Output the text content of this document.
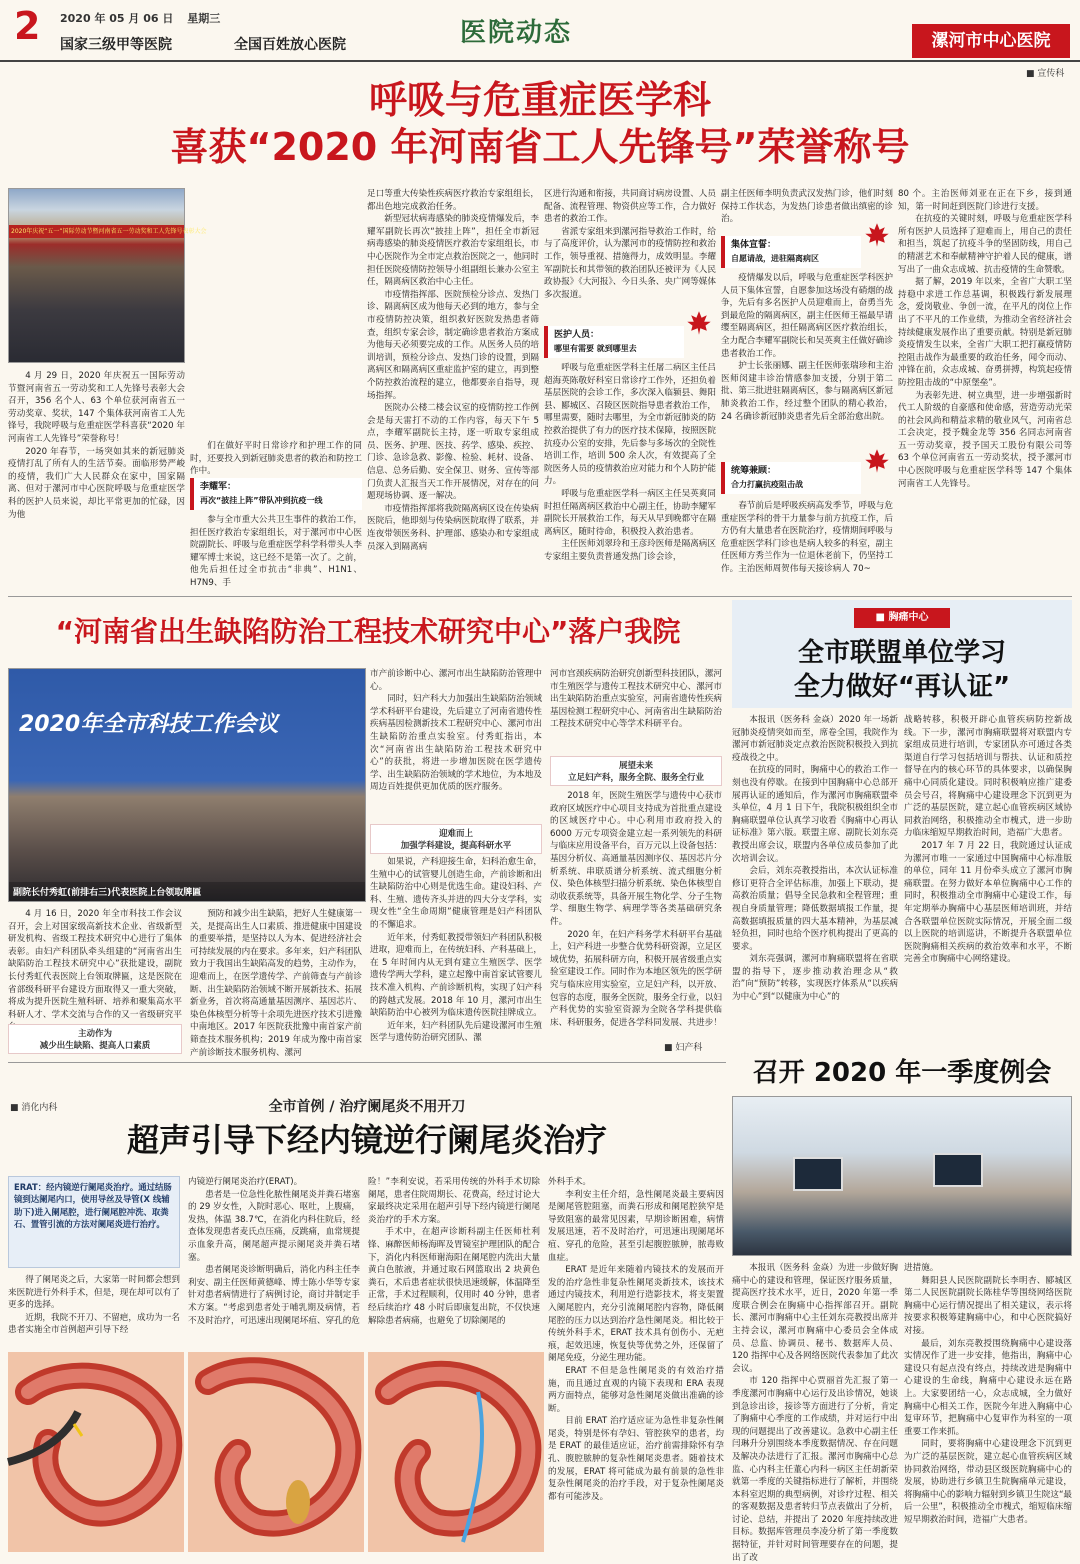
2 2020 年 05 月 06 日 星期三
国家三级甲等医院	全国百姓放心医院	医院动态	漯河市中心医院
■ 宣传科
呼吸与危重症医学科
喜获“2020 年河南省工人先锋号”荣誉称号
2020年庆祝“五一”国际劳动节暨河南省五一劳动奖和工人先锋号表彰大会

4 月 29 日，2020 年庆祝五一国际劳动节暨河南省五一劳动奖和工人先锋号表彰大会召开，356 名个人、63 个单位获河南省五一劳动奖章、奖状，147 个集体获河南省工人先锋号，我院呼吸与危重症医学科喜获“2020 年河南省工人先锋号”荣誉称号！

2020 年春节，一场突如其来的新冠肺炎疫情打乱了所有人的生活节奏。面临形势严峻的疫情，我们广大人民群众在家中，国家隔离、但对于漯河市中心医院呼吸与危重症医学科的医护人员来说，却比平常更加的忙碌，因为他

们在做好平时日常诊疗和护理工作的同时，还要投入到新冠肺炎患者的救治和防控工作中。

李耀军：
再次“披挂上阵”带队冲到抗疫一线

参与全市重大公共卫生事件的救治工作，担任医疗救治专家组组长，对于漯河市中心医院副院长、呼吸与危重症医学科学科带头人李耀军博士来说，这已经不是第一次了。之前，他先后担任过全市抗击“非典”、H1N1、H7N9、手

足口等重大传染性疾病医疗救治专家组组长，都出色地完成救治任务。

新型冠状病毒感染的肺炎疫情爆发后，李耀军副院长再次“披挂上阵”，担任全市新冠病毒感染的肺炎疫情医疗救治专家组组长，市中心医院作为全市定点救治医院之一，他同时担任医院疫情防控领导小组副组长兼办公室主任，隔离病区救治中心主任。

市疫情指挥部、医院预检分诊点、发热门诊、隔离病区成为他每天必到的地方，参与全市疫情防控决策，组织救好医院发热患者筛查，组织专家会诊，制定确诊患者救治方案成为他每天必须要完成的工作。从医务人员的培训培训，预检分诊点、发热门诊的设置，到隔离病区和隔离病区重症监护室的建立，再到整个防控救治流程的建立，他都要亲自指导，现场指挥。

医院办公楼二楼会议室的疫情防控工作例会是每天雷打不动的工作内容，每天下午 5 点，李耀军副院长主持，逐一听取专家组成员、医务、护理、医技、药学、感染、疾控、门诊、急诊急救、影像、检验、耗材、设备、信息、总务后勤、安全保卫、财务、宣传等部门负责人汇报当天工作开展情况，对存在的问题现场协调、逐一解决。

市疫情指挥部将我院隔离病区设在传染病医院后，他即刻与传染病医院取得了联系，并连夜带领医务科、护理部、感染办和专家组成员深入到隔离病

区进行沟通和衔接，共同商讨病房设置、人员配备、流程管理、物资供应等工作，合力做好患者的救治工作。

省派专家组来到漯河指导救治工作时，给与了高度评价，认为漯河市的疫情防控和救治工作，领导重视、措施得力，成效明显。李耀军副院长和其带领的救治团队还被评为《人民政协报》《大河报》、今日头条、央广网等媒体多次报道。

医护人员：
哪里有需要 就到哪里去

呼吸与危重症医学科主任屠二病区主任吕超海英陈敬好科室日常诊疗工作外，还担负着基层医院的会诊工作，多次深入临颍县、舞阳县、郾城区、召陵区医院指导患者救治工作，哪里需要，随时去哪里，为全市新冠肺炎的防控救治提供了有力的医疗技术保障，按照医院抗疫办公室的安排，先后参与多场次的全院性培训工作，培训 500 余人次，有效提高了全院医务人员的疫情救治应对能力和个人防护能力。

呼吸与危重症医学科一病区主任吴英爽同时担任隔离病区救治中心副主任，协助李耀军副院长开展救治工作，每天从早到晚都守在隔离病区，随时待命，积极投入救治患者。

主任医师刘翠玲和王彦玲医师是隔离病区专家组主要负责普通发热门诊会诊，

副主任医师李明负责武汉发热门诊，他们时刻保持工作状态，为发热门诊患者做出缜密的诊治。

集体宣誓：
自愿请战，进驻隔离病区

疫情爆发以后，呼吸与危重症医学科医护人员下集体宣誓，自愿参加这场没有硝烟的战争，先后有多名医护人员迎难而上，奋勇当先到最危险的隔离病区，副主任医师王福最早请缨至隔离病区，担任隔离病区医疗救治组长，全力配合李耀军副院长和吴英爽主任做好确诊患者救治工作。

护士长张丽娜、副主任医师张瑞珍和主治医师闵建丰诊治情感参加支援，分别于第二批、第三批进驻隔离病区，参与隔离病区新冠肺炎救治工作，经过整个团队的精心救治，24 名确诊新冠肺炎患者先后全部治愈出院。

统筹兼顾：
合力打赢抗疫阻击战

春节前后是呼吸疾病高发季节，呼吸与危重症医学科的骨干力量参与前方抗疫工作，后方仍有大量患者在医院治疗，疫情期间呼吸与危重症医学科门诊也是病人较多的科室，副主任医师方秀兰作为一位退休老前下，仍坚持工作。主治医师周贺伟每天接诊病人 70~

80 个。主治医师刘亚在正在下乡，接到通知，第一时间赶到医院门诊进行支援。

在抗疫的关键时刻，呼吸与危重症医学科所有医护人员选择了迎难而上，用自己的责任和担当，筑起了抗疫斗争的坚固防线，用自己的精湛艺术和奉献精神守护着人民的健康，谱写出了一曲众志成城、抗击疫情的生命赞歌。

据了解，2019 年以来，全省广大职工坚持稳中求进工作总基调，积极践行新发展理念，爱岗敬业、争创一流，在平凡的岗位上作出了不平凡的工作业绩，为推动全省经济社会持续健康发展作出了重要贡献。特别是新冠肺炎疫情发生以来，全省广大职工把打赢疫情防控阻击战作为最重要的政治任务，闻令而动、冲锋在前，众志成城、奋勇拼搏，构筑起疫情防控阻击战的“中原堡垒”。

为表彰先进、树立典型，进一步增强新时代工人阶级的自豪感和使命感，营造劳动光荣的社会风尚和精益求精的敬业风气，河南省总工会决定，授予魏金龙等 356 名同志河南省五一劳动奖章，授予国天工股份有限公司等 63 个单位河南省五一劳动奖状，授予漯河市中心医院呼吸与危重症医学科等 147 个集体河南省工人先锋号。

“河南省出生缺陷防治工程技术研究中心”落户我院
2020年全市科技工作会议
副院长付秀虹(前排右三)代表医院上台领取牌匾

4 月 16 日，2020 年全市科技工作会议召开，会上对国家级高新技术企业、省级新型研发机构、省级工程技术研究中心进行了集体表彰。由妇产科团队牵头组建的“河南省出生缺陷防治工程技术研究中心”获批建设，副院长付秀虹代表医院上台领取牌匾，这是医院在省部级科研平台建设方面取得又一重大突破，将成为提升医院生殖科研、培养和聚集高水平科研人才、学术交流与合作的又一省级研究平

主动作为
减少出生缺陷、提高人口素质

预防和减少出生缺陷，把好人生健康第一关，是提高出生人口素质、推进健康中国建设的重要举措，是坚持以人为本、促进经济社会可持续发展的内在要求。多年来，妇产科团队致力于我国出生缺陷高发的趋势，主动作为，迎难而上，在医学遗传学、产前筛查与产前诊断、出生缺陷防治领域不断开展新技术、拓展新业务，首次将高通量基因测序、基因芯片、染色体核型分析等十余项先进医疗技术引进豫中南地区。2017 年医院获批豫中南首家产前筛查技术服务机构；2019 年成为豫中南首家产前诊断技术服务机构、漯河

市产前诊断中心、漯河市出生缺陷防治管理中心。

同时，妇产科大力加强出生缺陷防治领域学术科研平台建设，先后建立了河南省遗传性疾病基因检测新技术工程研究中心、漯河市出生缺陷防治重点实验室。付秀虹指出，本次“河南省出生缺陷防治工程技术研究中心”的获批，将进一步增加医院在医学遗传学、出生缺陷防治领域的学术地位，为本地及周边百姓提供更加优质的医疗服务。

迎难而上
加强学科建设，提高科研水平

如果说，产科迎接生命，妇科治愈生命，生殖中心的试管婴儿创造生命，产前诊断和出生缺陷防治中心则是优选生命。建设妇科、产科、生殖、遗传齐头并进的四大分支学科，实现女性“全生命周期”健康管理是妇产科团队的不懈追求。

近年来，付秀虹教授带领妇产科团队积极进取，迎难而上，在传统妇科、产科基础上，在 5 年时间内从无到有建立生殖医学、医学遗传学两大学科，建立起豫中南首家试管婴儿技术准入机构、产前诊断机构，实现了妇产科的跨越式发展。2018 年 10 月，漯河市出生缺陷防治中心被列为临床遗传医院挂牌成立。

近年来，妇产科团队先后建设漯河市生殖医学与遗传防治研究团队、漯

河市宫颈疾病防治研究创新型科技团队，漯河市生殖医学与遗传工程技术研究中心、漯河市出生缺陷防治重点实验室，河南省遗传性疾病基因检测工程研究中心、河南省出生缺陷防治工程技术研究中心等学术科研平台。

展望未来
立足妇产科，服务全院、服务全行业

2018 年，医院生殖医学与遗传中心获市政府区域医疗中心项目支持成为首批重点建设的区域医疗中心。中心利用市政府投入的 6000 万元专项资金建立起一系列领先的科研与临床应用设备平台，百万元以上设备包括：基因分析仪、高通量基因测序仪、基因芯片分析系统、串联质谱分析系统、流式细胞分析仪、染色体核型扫描分析系统、染色体核型自动收获系统等，具备开展生物化学、分子生物学、细胞生物学、病理学等各类基础研究条件。

2020 年，在妇产科务学术科研平台基础上，妇产科进一步整合优势科研资源，立足区域优势，拓展科研方向，积极开展省级重点实验室建设工作。同时作为本地区领先的医学研究与临床应用实验室，立足妇产科，以开放、包容的态度，服务全医院，服务全行业，以妇产科优势的实验室资源为全院各学科提供临床、科研服务，促进各学科同发展、共进步！

■ 妇产科
■ 胸痛中心
全市联盟单位学习
全力做好“再认证”

本报讯（医务科 金焱）2020 年一场新冠肺炎疫情突如而至，席卷全国，我院作为漯河市新冠肺炎定点救治医院积极投入到抗疫战役之中。

在抗疫的同时，胸痛中心的救治工作一刻也没有停歇。在接到中国胸痛中心总部开展再认证的通知后，作为漯河市胸痛联盟牵头单位，4 月 1 日下午，我院积极组织全市胸痛联盟单位认真学习收看《胸痛中心再认证标准》第六版。联盟主席、副院长刘东亮教授出席会议，联盟内各单位成员参加了此次培训会议。

会后，刘东亮教授指出，本次认证标准修订更符合全评估标准，加强上下联动，提高救治质量；倡导全民急救和全程管理；重视自身质量管理；降低数据填报工作量，提高数据填报质量的四大基本精神，为基层减轻负担，同时也给个医疗机构提出了更高的要求。

刘东亮强调，漯河市胸痛联盟将在省联盟的指导下，逐步推动救治理念从“救治”向“预防”转移，实现医疗体系从“以疾病为中心”到“以健康为中心”的

战略转移，积极开辟心血管疾病防控新战线。下一步，漯河市胸痛联盟将对联盟内专家组成员进行培训，专家团队亦可通过各类渠道自行学习包括培训与帮扶、认证和质控督导在内的核心环节的具体要求，以确保胸痛中心同质化建设。同时积极响应推广建委员会号召，将胸痛中心建设理念下沉到更为广泛的基层医院，建立起心血管疾病区域协同救治网络，积极推动全市槐式，进一步助力临床缩短早期救治时间，造福广大患者。

2017 年 7 月 22 日，我院通过认证成为漯河市唯一一家通过中国胸痛中心标准版的单位，同年 11 月份牵头成立了漯河市胸痛联盟。在努力做好本单位胸痛中心工作的同时，积极推动全市胸痛中心建设工作，每年定期举办胸痛中心基层医师培训班，并结合各联盟单位医院实际情况，开展全面二级以上医院的培训巡讲，不断提升各联盟单位医院胸痛相关疾病的救治效率和水平，不断完善全市胸痛中心网络建设。

召开 2020 年一季度例会

本报讯（医务科 金焱）为进一步做好胸痛中心的建设和管理，保证医疗服务质量，提高医疗技术水平，近日，2020 年第一季度联合例会在胸痛中心指挥部召开。副院长、漯河市胸痛中心主任刘东亮教授出席并主持会议，漯河市胸痛中心委员会全体成员、总监、协调员、秘书、数据库人员、120 指挥中心及各网络医院代表参加了此次会议。

市 120 指挥中心贾丽首先汇报了第一季度漯河市胸痛中心运行及出诊情况，她谈到急诊出诊，接诊等方面进行了分析，肯定了胸痛中心季度的工作成绩，并对运行中出现的问题提出了改善建议。急救中心副主任闫琳升分别围绕本季度数据情况、存在问题及解决办法进行了汇报。漯河市胸痛中心总监、心内科主任董心内科一病区主任胡新荣就第一季度的关键指标进行了解析，并围绕本科室迟期的典型病例，对诊疗过程、相关的客观数据及患者转归节点表做出了分析，讨论、总结，并提出了 2020 年度持续改进目标。数据库管理员李凌分析了第一季度数据特征，并针对时间管理要存在的问题，提出了改

进措施。

舞阳县人民医院副院长李明杏、郾城区第二人民医院副院长陈桂华等围绕网络医院胸痛中心运行情况提出了相关建议，表示将按要求积极筹建胸痛中心，和中心医院搞好对接。

最后，刘东亮教授围绕胸痛中心建设落实情况作了进一步安排，他指出，胸痛中心建设只有起点没有终点，持续改进是胸痛中心建设的生命线，胸痛中心建设永远在路上。大家要团结一心，众志成城，全力做好胸痛中心相关工作，医院今年进入胸痛中心复审环节，把胸痛中心复审作为科室的一项重要工作来抓。

同时，要将胸痛中心建设理念下沉到更为广泛的基层医院，建立起心血管疾病区域协同救治网络，带动县区级医院胸痛中心的发展，协助进行乡镇卫生院胸痛单元建设，将胸痛中心的影响力辐射到乡镇卫生院这“最后一公里”，积极推动全市槐式，缩短临床缩短早期救治时间，造福广大患者。

■ 消化内科	全市首例 / 治疗阑尾炎不用开刀
超声引导下经内镜逆行阑尾炎治疗
ERAT：经内镜逆行阑尾炎治疗。通过结肠镜到达阑尾内口，使用导丝及导管(X 线辅助下)进入阑尾腔，进行阑尾腔冲洗、取粪石、置管引流的方法对阑尾炎进行治疗。

得了阑尾炎之后，大家第一时间都会想到来医院进行外科手术，但是，现在却可以有了更多的选择。

近期，我院不开刀、不留疤，成功为一名患者实施全市首例超声引导下经

内镜逆行阑尾炎治疗(ERAT)。

患者是一位急性化脓性阑尾炎并粪石堵塞的 29 岁女性，入院时恶心、呕吐，上腹痛，发热，体温 38.7℃，在消化内科住院后，经查体发现患者麦氏点压痛，反跳痛，血常规提示血象升高，阑尾超声提示阑尾炎并粪石堵塞。

患者阑尾炎诊断明确后，消化内科主任李利安、副主任医师黄德峰、博士陈小华等专家针对患者病情进行了病例讨论，商讨并制定手术方案。“考虑到患者处于哺乳期及病情，若不及时治疗，可迅速出现阑尾坏疽、穿孔的危

险！”李利安说，若采用传统的外科手术切除阑尾，患者住院周期长、花费高，经过讨论大家最终决定采用在超声引导下经内镜逆行阑尾炎治疗的手术方案。

手术中，在超声诊断科副主任医师杜利锋、麻醉医师杨海晖及胃镜室护理团队的配合下，消化内科医师谢海阳在阑尾腔内洗出大量黄白色脓液，并通过取石网篮取出 2 块黄色粪石，术后患者症状很快迅速缓解，体温降至正常，手术过程顺利，仅用时 40 分钟，患者经后续治疗 48 小时后即康复出院，不仅快速解除患者病痛，也避免了切除阑尾的

外科手术。

李利安主任介绍，急性阑尾炎最主要病因是阑尾管腔阻塞，而粪石形成和阑尾腔狭窄是导致阻塞的最常见因素，早期诊断困难，病情发展迅速，若不及时治疗，可迅速出现阑尾坏疽、穿孔的危险，甚至引起腹腔脓肿，脓毒败血症。

ERAT 是近年来随着内镜技术的发展而开发的治疗急性非复杂性阑尾炎新技术，该技术通过内镜技术，利用逆行造影技术，将支架置入阑尾腔内，充分引流阑尾腔内容物，降低阑尾腔的压力以达到治疗急性阑尾炎。相比较于传统外科手术，ERAT 技术具有创伤小、无疤痕，起效迅速，恢复快等优势之外，还保留了阑尾免疫，分泌生理功能。

ERAT 不但是急性阑尾炎的有效治疗措施，而且通过直观的内镜下表现和 ERA 表现两方面特点，能够对急性阑尾炎做出准确的诊断。

目前 ERAT 治疗适应证为急性非复杂性阑尾炎，特别是怀有孕妇、管腔狭窄的患者，均是 ERAT 的最佳适应证，治疗前需排除怀有孕孔、腹腔脓肿的复杂性阑尾炎患者。随着技术的发展，ERAT 将可能成为最有前景的急性非复杂性阑尾炎的治疗手段，对于复杂性阑尾炎都有可能涉及。
